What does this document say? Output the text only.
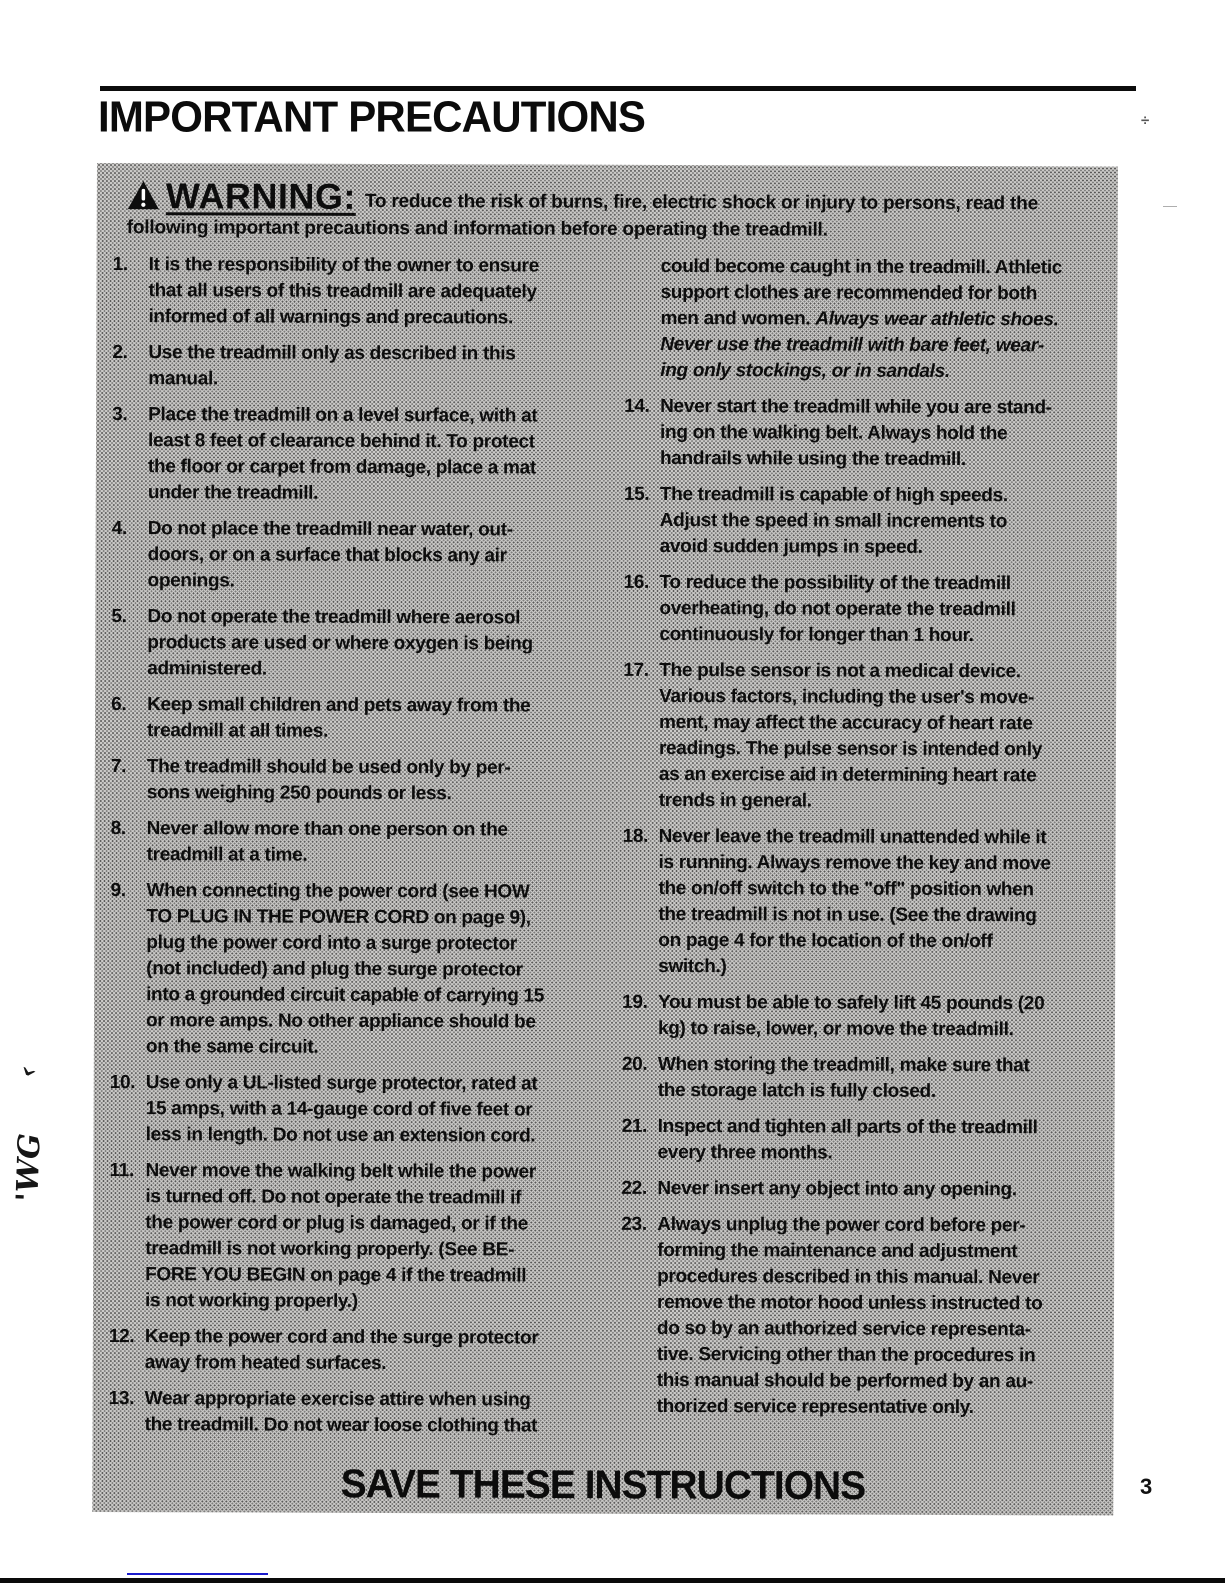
IMPORTANT PRECAUTIONS	÷
—

WARNING: To reduce the risk of burns, fire, electric shock or injury to persons, read the
following important precautions and information before operating the treadmill.

1.	It is the responsibility of the owner to ensure
that all users of this treadmill are adequately
informed of all warnings and precautions.
2.	Use the treadmill only as described in this
manual.
3.	Place the treadmill on a level surface, with at
least 8 feet of clearance behind it. To protect
the floor or carpet from damage, place a mat
under the treadmill.
4.	Do not place the treadmill near water, out-
doors, or on a surface that blocks any air
openings.
5.	Do not operate the treadmill where aerosol
products are used or where oxygen is being
administered.
6.	Keep small children and pets away from the
treadmill at all times.
7.	The treadmill should be used only by per-
sons weighing 250 pounds or less.
8.	Never allow more than one person on the
treadmill at a time.
9.	When connecting the power cord (see HOW
TO PLUG IN THE POWER CORD on page 9),
plug the power cord into a surge protector
(not included) and plug the surge protector
into a grounded circuit capable of carrying 15
or more amps. No other appliance should be
on the same circuit.
10. Use only a UL-listed surge protector, rated at
15 amps, with a 14-gauge cord of five feet or
less in length. Do not use an extension cord.
11. Never move the walking belt while the power
is turned off. Do not operate the treadmill if
the power cord or plug is damaged, or if the
treadmill is not working properly. (See BE-
FORE YOU BEGIN on page 4 if the treadmill
is not working properly.)
12. Keep the power cord and the surge protector
away from heated surfaces.
13. Wear appropriate exercise attire when using
the treadmill. Do not wear loose clothing that
could become caught in the treadmill. Athletic
support clothes are recommended for both
men and women. Always wear athletic shoes.
Never use the treadmill with bare feet, wear-
ing only stockings, or in sandals.
14. Never start the treadmill while you are stand-
ing on the walking belt. Always hold the
handrails while using the treadmill.
15. The treadmill is capable of high speeds.
Adjust the speed in small increments to
avoid sudden jumps in speed.
16. To reduce the possibility of the treadmill
overheating, do not operate the treadmill
continuously for longer than 1 hour.
17. The pulse sensor is not a medical device.
Various factors, including the user's move-
ment, may affect the accuracy of heart rate
readings. The pulse sensor is intended only
as an exercise aid in determining heart rate
trends in general.
18. Never leave the treadmill unattended while it
is running. Always remove the key and move
the on/off switch to the "off" position when
the treadmill is not in use. (See the drawing
on page 4 for the location of the on/off
switch.)
19. You must be able to safely lift 45 pounds (20
kg) to raise, lower, or move the treadmill.
20. When storing the treadmill, make sure that
the storage latch is fully closed.
21. Inspect and tighten all parts of the treadmill
every three months.
22. Never insert any object into any opening.
23. Always unplug the power cord before per-
forming the maintenance and adjustment
procedures described in this manual. Never
remove the motor hood unless instructed to
do so by an authorized service representa-
tive. Servicing other than the procedures in
this manual should be performed by an au-
thorized service representative only.
SAVE THESE INSTRUCTIONS	3
'WG
›
